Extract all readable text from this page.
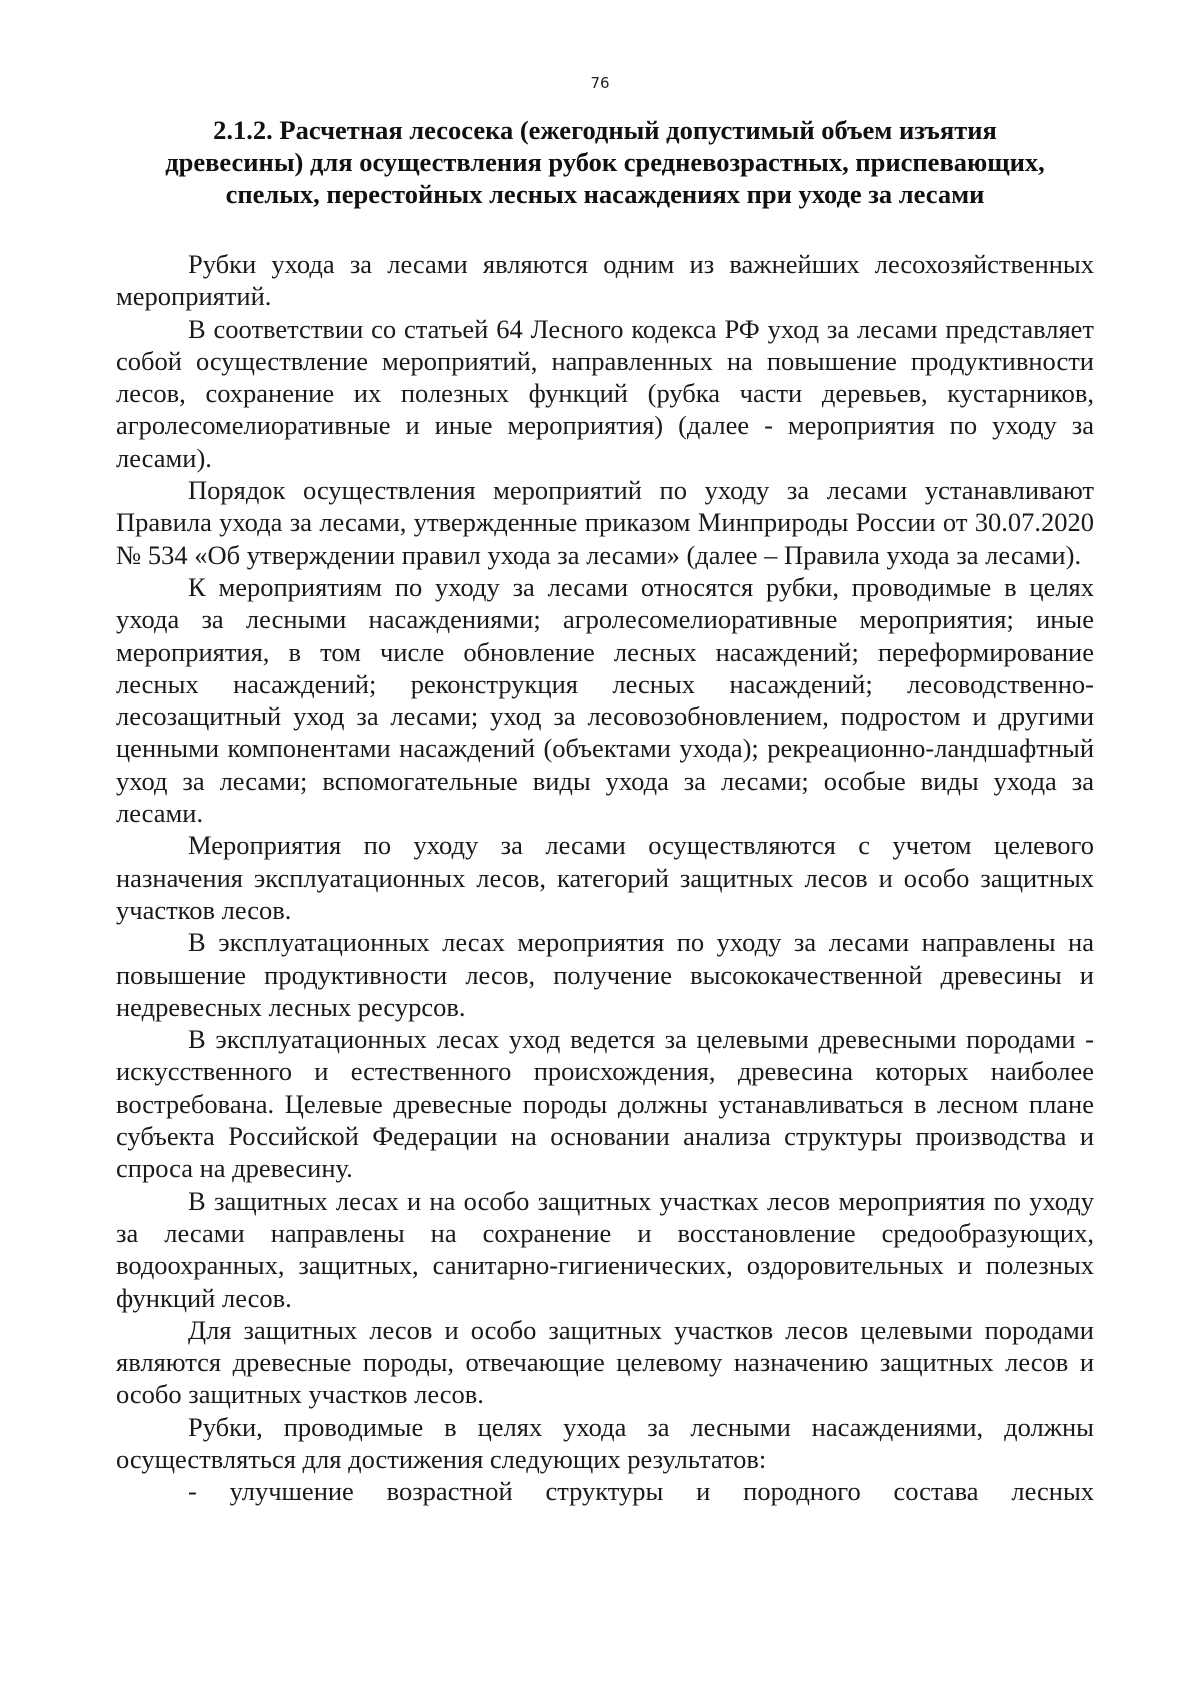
76
2.1.2. Расчетная лесосека (ежегодный допустимый объем изъятия
древесины) для осуществления рубок средневозрастных, приспевающих,
спелых, перестойных лесных насаждениях при уходе за лесами

Рубки ухода за лесами являются одним из важнейших лесохозяйственных мероприятий.

В соответствии со статьей 64 Лесного кодекса РФ уход за лесами представляет собой осуществление мероприятий, направленных на повышение продуктивности лесов, сохранение их полезных функций (рубка части деревьев, кустарников, агролесомелиоративные и иные мероприятия) (далее - мероприятия по уходу за лесами).

Порядок осуществления мероприятий по уходу за лесами устанавливают Правила ухода за лесами, утвержденные приказом Минприроды России от 30.07.2020 № 534 «Об утверждении правил ухода за лесами» (далее – Правила ухода за лесами).

К мероприятиям по уходу за лесами относятся рубки, проводимые в целях ухода за лесными насаждениями; агролесомелиоративные мероприятия; иные мероприятия, в том числе обновление лесных насаждений; переформирование лесных насаждений; реконструкция лесных насаждений; лесоводственно-лесозащитный уход за лесами; уход за лесовозобновлением, подростом и другими ценными компонентами насаждений (объектами ухода); рекреационно-ландшафтный уход за лесами; вспомогательные виды ухода за лесами; особые виды ухода за лесами.

Мероприятия по уходу за лесами осуществляются с учетом целевого назначения эксплуатационных лесов, категорий защитных лесов и особо защитных участков лесов.

В эксплуатационных лесах мероприятия по уходу за лесами направлены на повышение продуктивности лесов, получение высококачественной древесины и недревесных лесных ресурсов.

В эксплуатационных лесах уход ведется за целевыми древесными породами - искусственного и естественного происхождения, древесина которых наиболее востребована. Целевые древесные породы должны устанавливаться в лесном плане субъекта Российской Федерации на основании анализа структуры производства и спроса на древесину.

В защитных лесах и на особо защитных участках лесов мероприятия по уходу за лесами направлены на сохранение и восстановление средообразующих, водоохранных, защитных, санитарно-гигиенических, оздоровительных и полезных функций лесов.

Для защитных лесов и особо защитных участков лесов целевыми породами являются древесные породы, отвечающие целевому назначению защитных лесов и особо защитных участков лесов.

Рубки, проводимые в целях ухода за лесными насаждениями, должны осуществляться для достижения следующих результатов:

- улучшение возрастной структуры и породного состава лесных
